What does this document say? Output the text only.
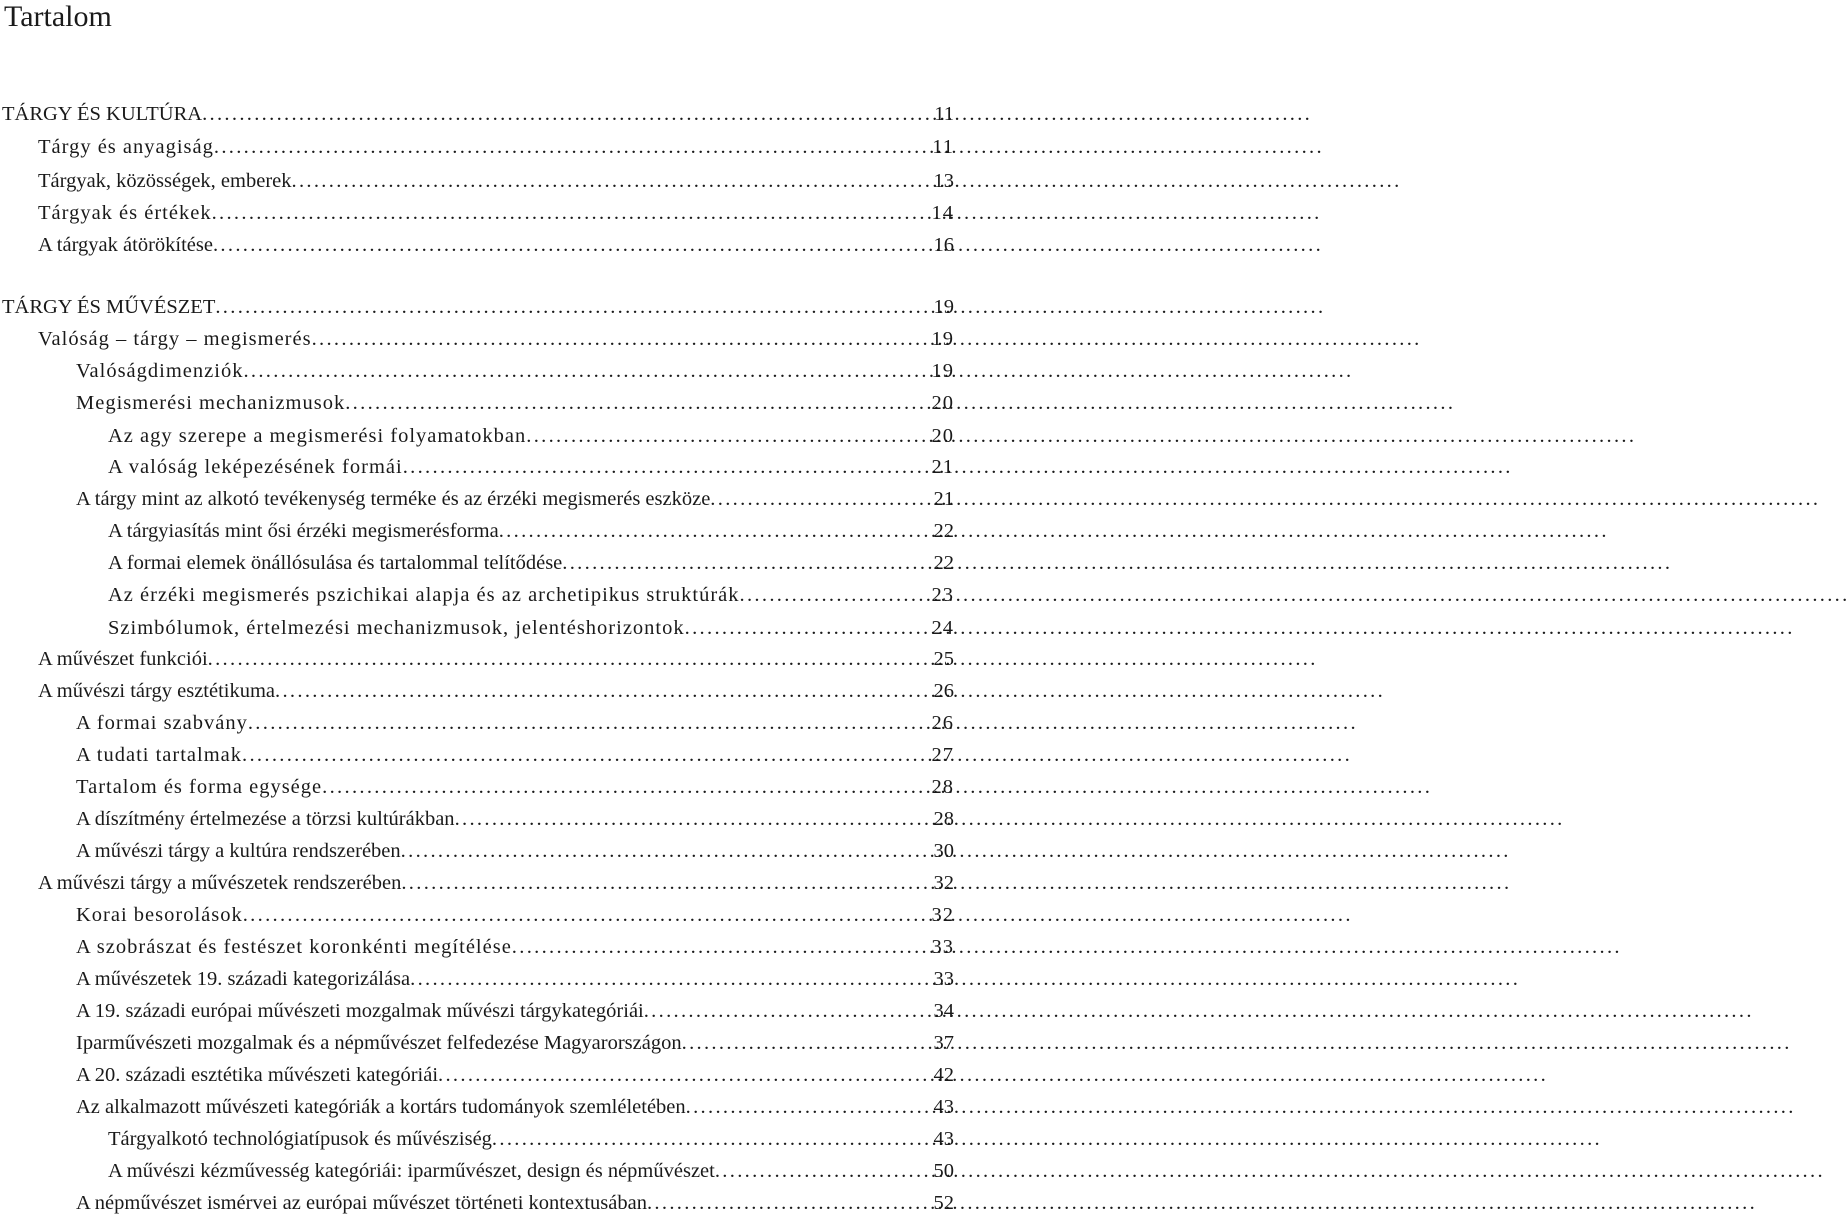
Tartalom
TÁRGY ÉS KULTÚRA . . .	11
Tárgy és anyagiság . . .	11
Tárgyak, közösségek, emberek . . .	13
Tárgyak és értékek . . .	14
A tárgyak átörökítése . . .	16
TÁRGY ÉS MŰVÉSZET . . .	19
Valóság – tárgy – megismerés . . .	19
Valóságdimenziók . . .	19
Megismerési mechanizmusok . . .	20
Az agy szerepe a megismerési folyamatokban . . .	20
A valóság leképezésének formái . . .	21
A tárgy mint az alkotó tevékenység terméke és az érzéki megismerés eszköze . . .	21
A tárgyiasítás mint ősi érzéki megismerésforma . . .	22
A formai elemek önállósulása és tartalommal telítődése . . .	22
Az érzéki megismerés pszichikai alapja és az archetipikus struktúrák . . .	23
Szimbólumok, értelmezési mechanizmusok, jelentéshorizontok . . .	24
A művészet funkciói . . .	25
A művészi tárgy esztétikuma . . .	26
A formai szabvány . . .	26
A tudati tartalmak . . .	27
Tartalom és forma egysége . . .	28
A díszítmény értelmezése a törzsi kultúrákban . . .	28
A művészi tárgy a kultúra rendszerében . . .	30
A művészi tárgy a művészetek rendszerében . . .	32
Korai besorolások . . .	32
A szobrászat és festészet koronkénti megítélése . . .	33
A művészetek 19. századi kategorizálása . . .	33
A 19. századi európai művészeti mozgalmak művészi tárgykategóriái . . .	34
Iparművészeti mozgalmak és a népművészet felfedezése Magyarországon . . .	37
A 20. századi esztétika művészeti kategóriái . . .	42
Az alkalmazott művészeti kategóriák a kortárs tudományok szemléletében . . .	43
Tárgyalkotó technológiatípusok és művésziség . . .	43
A művészi kézművesség kategóriái: iparművészet, design és népművészet . . .	50
A népművészet ismérvei az európai művészet történeti kontextusában . . .	52
